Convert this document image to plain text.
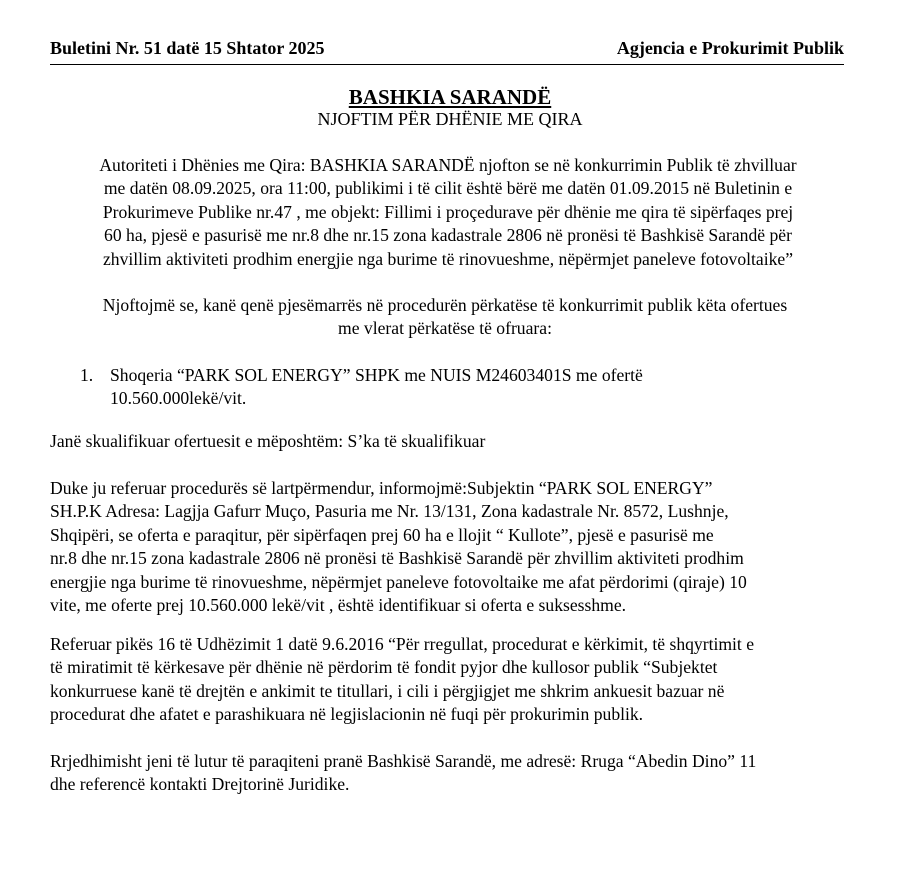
Buletini Nr. 51 datë 15 Shtator 2025	Agjencia e Prokurimit Publik
BASHKIA SARANDË
NJOFTIM PËR DHËNIE ME QIRA
Autoriteti i Dhënies me Qira: BASHKIA SARANDË njofton se në konkurrimin Publik të zhvilluar
me datën 08.09.2025, ora 11:00, publikimi i të cilit është bërë me datën 01.09.2015 në Buletinin e
Prokurimeve Publike nr.47 , me objekt: Fillimi i proçedurave për dhënie me qira të sipërfaqes prej
60 ha, pjesë e pasurisë me nr.8 dhe nr.15 zona kadastrale 2806 në pronësi të Bashkisë Sarandë për
zhvillim aktiviteti prodhim energjie nga burime të rinovueshme, nëpërmjet paneleve fotovoltaike”
Njoftojmë se, kanë qenë pjesëmarrës në procedurën përkatëse të konkurrimit publik këta ofertues
me vlerat përkatëse të ofruara:
1. Shoqeria “PARK SOL ENERGY” SHPK me NUIS M24603401S me ofertë
10.560.000lekë/vit.
Janë skualifikuar ofertuesit e mëposhtëm: S’ka të skualifikuar
Duke ju referuar procedurës së lartpërmendur, informojmë:Subjektin “PARK SOL ENERGY”
SH.P.K Adresa: Lagjja Gafurr Muço, Pasuria me Nr. 13/131, Zona kadastrale Nr. 8572, Lushnje,
Shqipëri, se oferta e paraqitur, për sipërfaqen prej 60 ha e llojit “ Kullote”, pjesë e pasurisë me
nr.8 dhe nr.15 zona kadastrale 2806 në pronësi të Bashkisë Sarandë për zhvillim aktiviteti prodhim
energjie nga burime të rinovueshme, nëpërmjet paneleve fotovoltaike me afat përdorimi (qiraje) 10
vite, me oferte prej 10.560.000 lekë/vit , është identifikuar si oferta e suksesshme.
Referuar pikës 16 të Udhëzimit 1 datë 9.6.2016 “Për rregullat, procedurat e kërkimit, të shqyrtimit e
të miratimit të kërkesave për dhënie në përdorim të fondit pyjor dhe kullosor publik “Subjektet
konkurruese kanë të drejtën e ankimit te titullari, i cili i përgjigjet me shkrim ankuesit bazuar në
procedurat dhe afatet e parashikuara në legjislacionin në fuqi për prokurimin publik.
Rrjedhimisht jeni të lutur të paraqiteni pranë Bashkisë Sarandë, me adresë: Rruga “Abedin Dino” 11
dhe referencë kontakti Drejtorinë Juridike.
